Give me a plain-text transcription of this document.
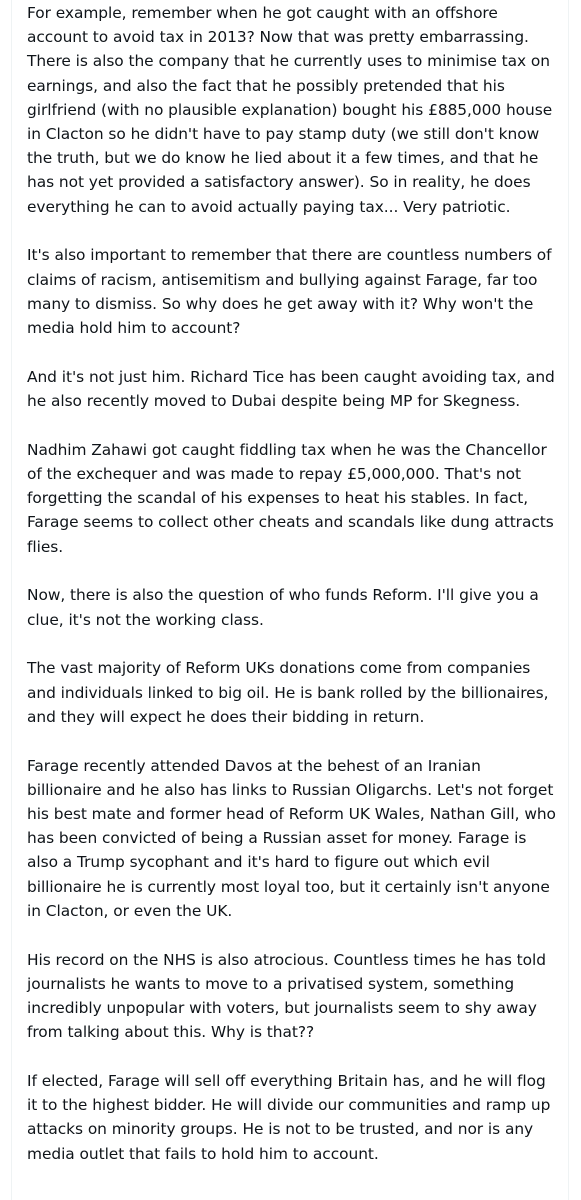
For example, remember when he got caught with an offshore account to avoid tax in 2013? Now that was pretty embarrassing. There is also the company that he currently uses to minimise tax on earnings, and also the fact that he possibly pretended that his girlfriend (with no plausible explanation) bought his £885,000 house in Clacton so he didn't have to pay stamp duty (we still don't know the truth, but we do know he lied about it a few times, and that he has not yet provided a satisfactory answer). So in reality, he does everything he can to avoid actually paying tax... Very patriotic.

It's also important to remember that there are countless numbers of claims of racism, antisemitism and bullying against Farage, far too many to dismiss. So why does he get away with it? Why won't the media hold him to account?

And it's not just him. Richard Tice has been caught avoiding tax, and he also recently moved to Dubai despite being MP for Skegness.

Nadhim Zahawi got caught fiddling tax when he was the Chancellor of the exchequer and was made to repay £5,000,000. That's not forgetting the scandal of his expenses to heat his stables. In fact, Farage seems to collect other cheats and scandals like dung attracts flies.

Now, there is also the question of who funds Reform. I'll give you a clue, it's not the working class.

The vast majority of Reform UKs donations come from companies and individuals linked to big oil. He is bank rolled by the billionaires, and they will expect he does their bidding in return.

Farage recently attended Davos at the behest of an Iranian billionaire and he also has links to Russian Oligarchs. Let's not forget his best mate and former head of Reform UK Wales, Nathan Gill, who has been convicted of being a Russian asset for money. Farage is also a Trump sycophant and it's hard to figure out which evil billionaire he is currently most loyal too, but it certainly isn't anyone in Clacton, or even the UK.

His record on the NHS is also atrocious. Countless times he has told journalists he wants to move to a privatised system, something incredibly unpopular with voters, but journalists seem to shy away from talking about this. Why is that??

If elected, Farage will sell off everything Britain has, and he will flog it to the highest bidder. He will divide our communities and ramp up attacks on minority groups. He is not to be trusted, and nor is any media outlet that fails to hold him to account.
